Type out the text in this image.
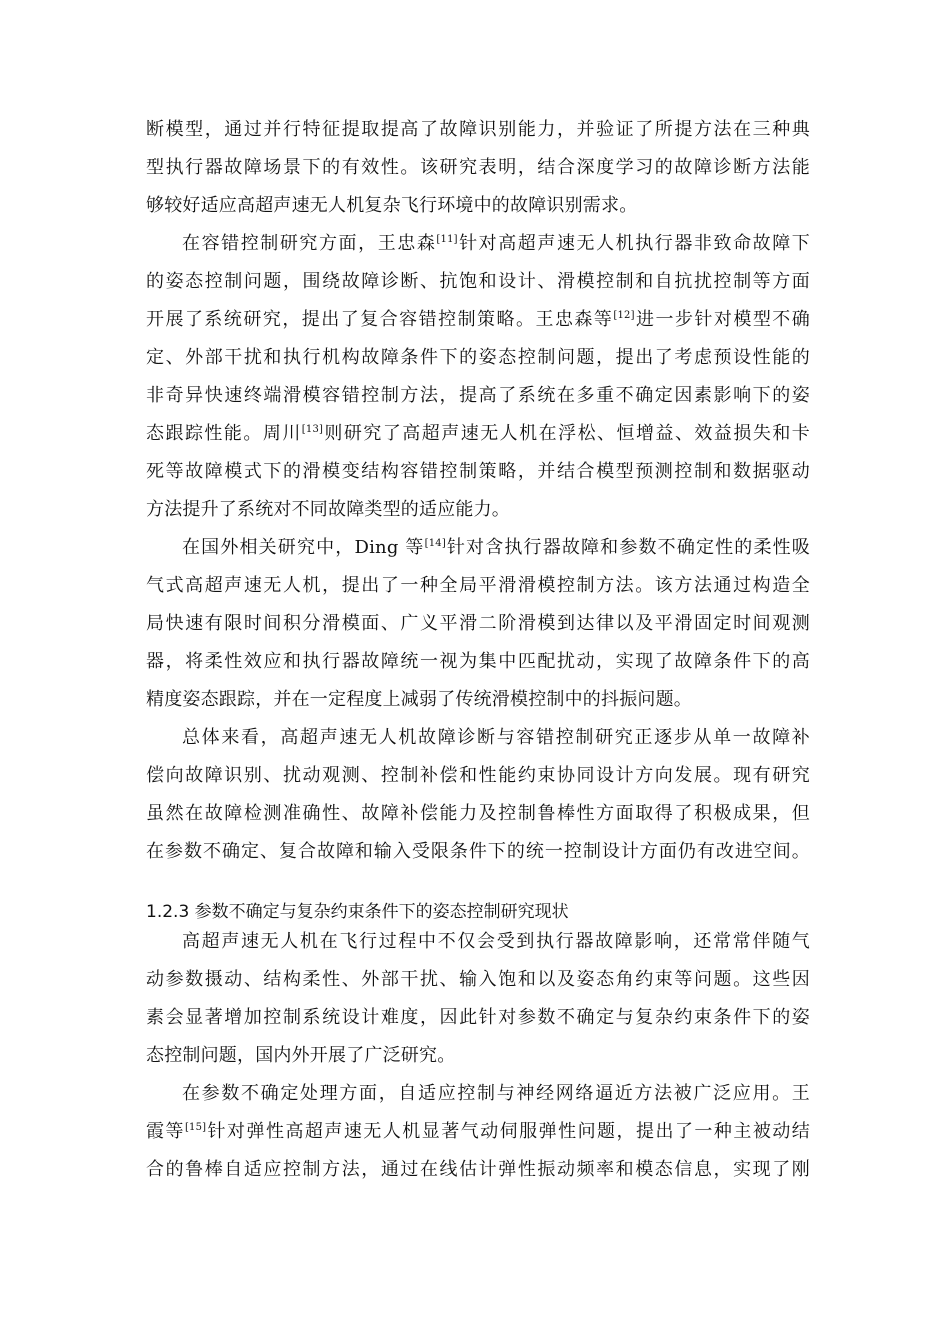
断模型，通过并行特征提取提高了故障识别能力，并验证了所提方法在三种典
型执行器故障场景下的有效性。该研究表明，结合深度学习的故障诊断方法能
够较好适应高超声速无人机复杂飞行环境中的故障识别需求。
在容错控制研究方面，王忠森[11]针对高超声速无人机执行器非致命故障下
的姿态控制问题，围绕故障诊断、抗饱和设计、滑模控制和自抗扰控制等方面
开展了系统研究，提出了复合容错控制策略。王忠森等[12]进一步针对模型不确
定、外部干扰和执行机构故障条件下的姿态控制问题，提出了考虑预设性能的
非奇异快速终端滑模容错控制方法，提高了系统在多重不确定因素影响下的姿
态跟踪性能。周川[13]则研究了高超声速无人机在浮松、恒增益、效益损失和卡
死等故障模式下的滑模变结构容错控制策略，并结合模型预测控制和数据驱动
方法提升了系统对不同故障类型的适应能力。
在国外相关研究中，Ding 等[14]针对含执行器故障和参数不确定性的柔性吸
气式高超声速无人机，提出了一种全局平滑滑模控制方法。该方法通过构造全
局快速有限时间积分滑模面、广义平滑二阶滑模到达律以及平滑固定时间观测
器，将柔性效应和执行器故障统一视为集中匹配扰动，实现了故障条件下的高
精度姿态跟踪，并在一定程度上减弱了传统滑模控制中的抖振问题。
总体来看，高超声速无人机故障诊断与容错控制研究正逐步从单一故障补
偿向故障识别、扰动观测、控制补偿和性能约束协同设计方向发展。现有研究
虽然在故障检测准确性、故障补偿能力及控制鲁棒性方面取得了积极成果，但
在参数不确定、复合故障和输入受限条件下的统一控制设计方面仍有改进空间。
1.2.3 参数不确定与复杂约束条件下的姿态控制研究现状
高超声速无人机在飞行过程中不仅会受到执行器故障影响，还常常伴随气
动参数摄动、结构柔性、外部干扰、输入饱和以及姿态角约束等问题。这些因
素会显著增加控制系统设计难度，因此针对参数不确定与复杂约束条件下的姿
态控制问题，国内外开展了广泛研究。
在参数不确定处理方面，自适应控制与神经网络逼近方法被广泛应用。王
霞等[15]针对弹性高超声速无人机显著气动伺服弹性问题，提出了一种主被动结
合的鲁棒自适应控制方法，通过在线估计弹性振动频率和模态信息，实现了刚
